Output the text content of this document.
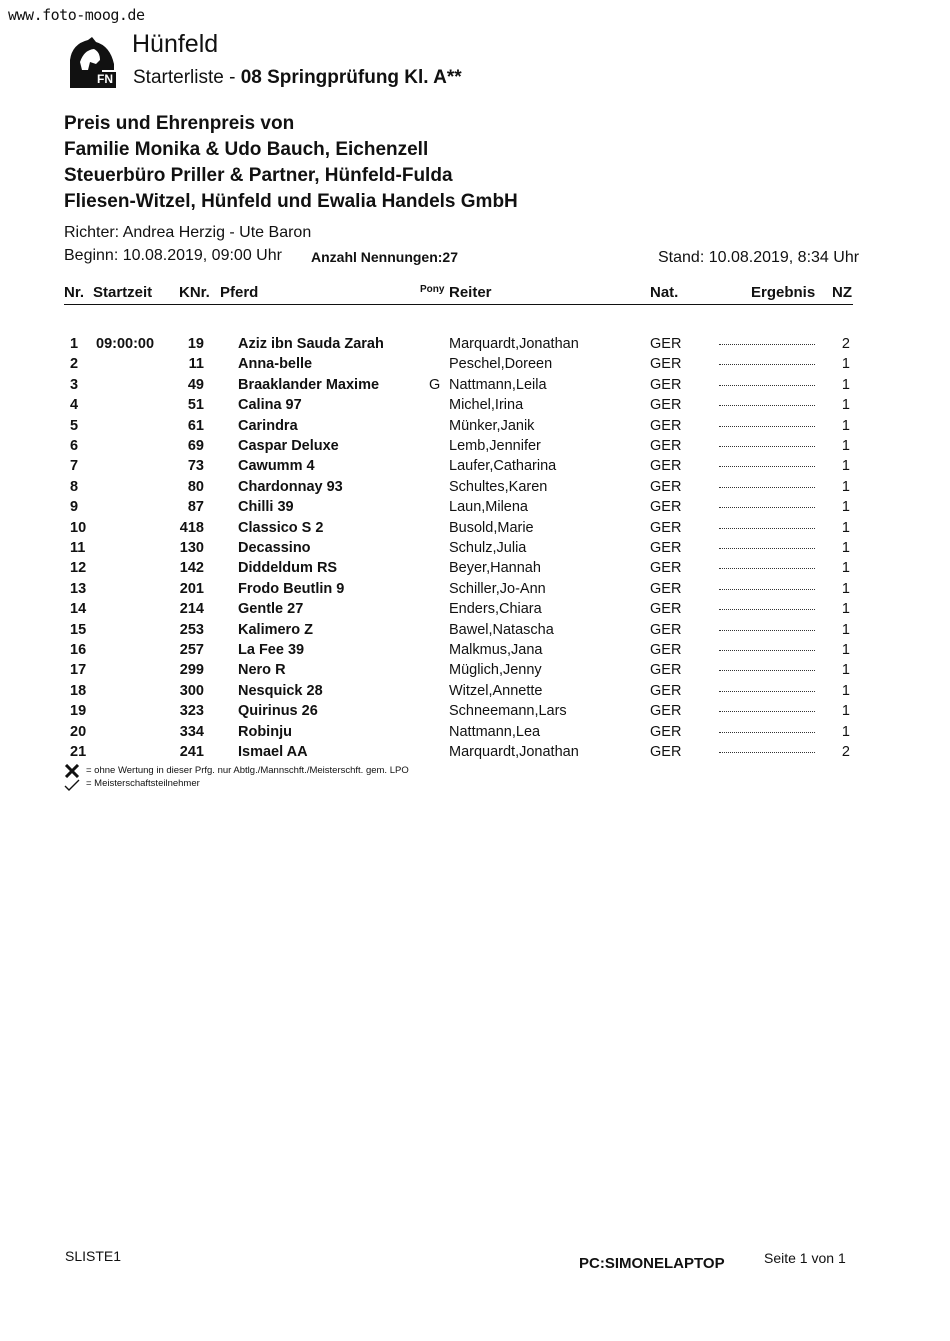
www.foto-moog.de
FN
Hünfeld
Starterliste - 08 Springprüfung Kl. A**
Preis und Ehrenpreis von
Familie Monika & Udo Bauch, Eichenzell
Steuerbüro Priller & Partner, Hünfeld-Fulda
Fliesen-Witzel, Hünfeld und Ewalia Handels GmbH
Richter: Andrea Herzig - Ute Baron
Beginn: 10.08.2019, 09:00 Uhr Anzahl Nennungen:27	Stand: 10.08.2019, 8:34 Uhr
Nr. Startzeit KNr. Pferd	Pony Reiter	Nat.	Ergebnis NZ
1 09:00:00	19 Aziz ibn Sauda Zarah	Marquardt,Jonathan	GER	2
2	11 Anna-belle	Peschel,Doreen	GER	1
3	49 Braaklander Maxime	G Nattmann,Leila	GER	1
4	51 Calina 97	Michel,Irina	GER	1
5	61 Carindra	Münker,Janik	GER	1
6	69 Caspar Deluxe	Lemb,Jennifer	GER	1
7	73 Cawumm 4	Laufer,Catharina	GER	1
8	80 Chardonnay 93	Schultes,Karen	GER	1
9	87 Chilli 39	Laun,Milena	GER	1
10	418 Classico S 2	Busold,Marie	GER	1
11	130 Decassino	Schulz,Julia	GER	1
12	142 Diddeldum RS	Beyer,Hannah	GER	1
13	201 Frodo Beutlin 9	Schiller,Jo-Ann	GER	1
14	214 Gentle 27	Enders,Chiara	GER	1
15	253 Kalimero Z	Bawel,Natascha	GER	1
16	257 La Fee 39	Malkmus,Jana	GER	1
17	299 Nero R	Müglich,Jenny	GER	1
18	300 Nesquick 28	Witzel,Annette	GER	1
19	323 Quirinus 26	Schneemann,Lars	GER	1
20	334 Robinju	Nattmann,Lea	GER	1
21	241 Ismael AA	Marquardt,Jonathan	GER	2
= ohne Wertung in dieser Prfg. nur Abtlg./Mannschft./Meisterschft. gem. LPO
= Meisterschaftsteilnehmer
SLISTE1	PC:SIMONELAPTOP	Seite 1 von 1
